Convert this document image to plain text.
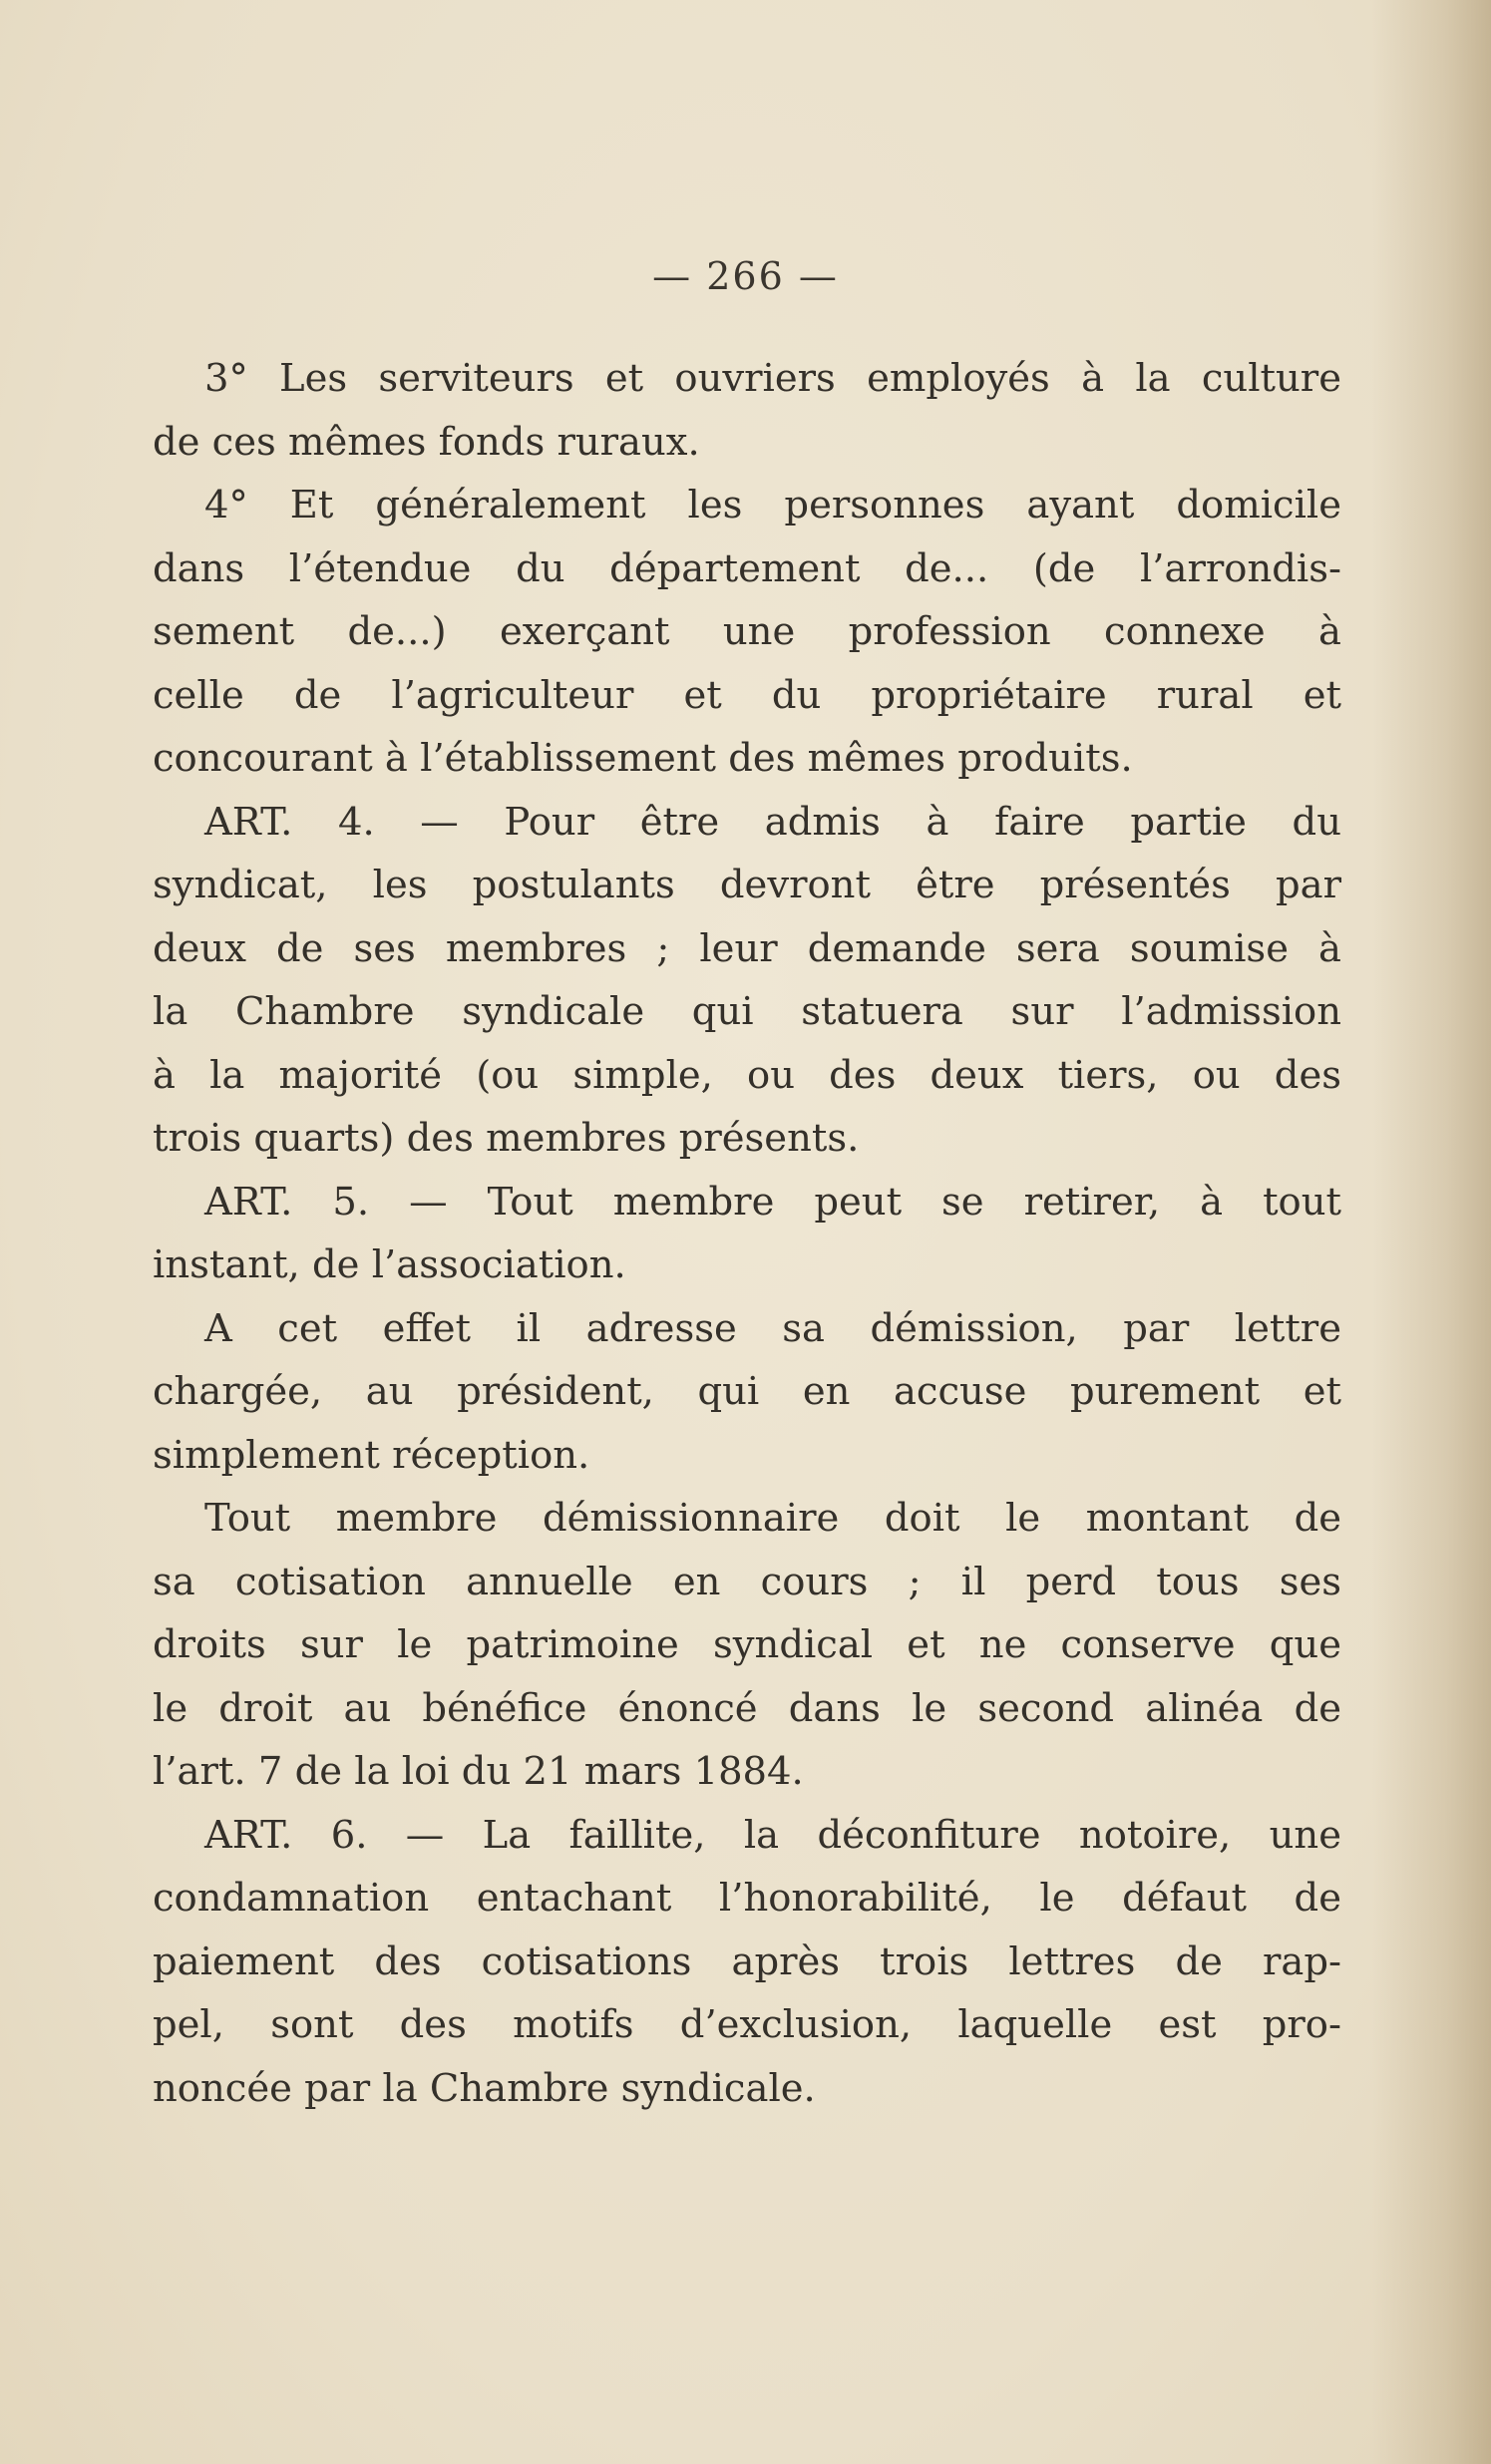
— 266 —
3° Les serviteurs et ouvriers employés à la culture
de ces mêmes fonds ruraux.
4° Et généralement les personnes ayant domicile
dans l’étendue du département de... (de l’arrondis-
sement de...) exerçant une profession connexe à
celle de l’agriculteur et du propriétaire rural et
concourant à l’établissement des mêmes produits.
ART. 4. — Pour être admis à faire partie du
syndicat, les postulants devront être présentés par
deux de ses membres ; leur demande sera soumise à
la Chambre syndicale qui statuera sur l’admission
à la majorité (ou simple, ou des deux tiers, ou des
trois quarts) des membres présents.
ART. 5. — Tout membre peut se retirer, à tout
instant, de l’association.
A cet effet il adresse sa démission, par lettre
chargée, au président, qui en accuse purement et
simplement réception.
Tout membre démissionnaire doit le montant de
sa cotisation annuelle en cours ; il perd tous ses
droits sur le patrimoine syndical et ne conserve que
le droit au bénéfice énoncé dans le second alinéa de
l’art. 7 de la loi du 21 mars 1884.
ART. 6. — La faillite, la déconfiture notoire, une
condamnation entachant l’honorabilité, le défaut de
paiement des cotisations après trois lettres de rap-
pel, sont des motifs d’exclusion, laquelle est pro-
noncée par la Chambre syndicale.
